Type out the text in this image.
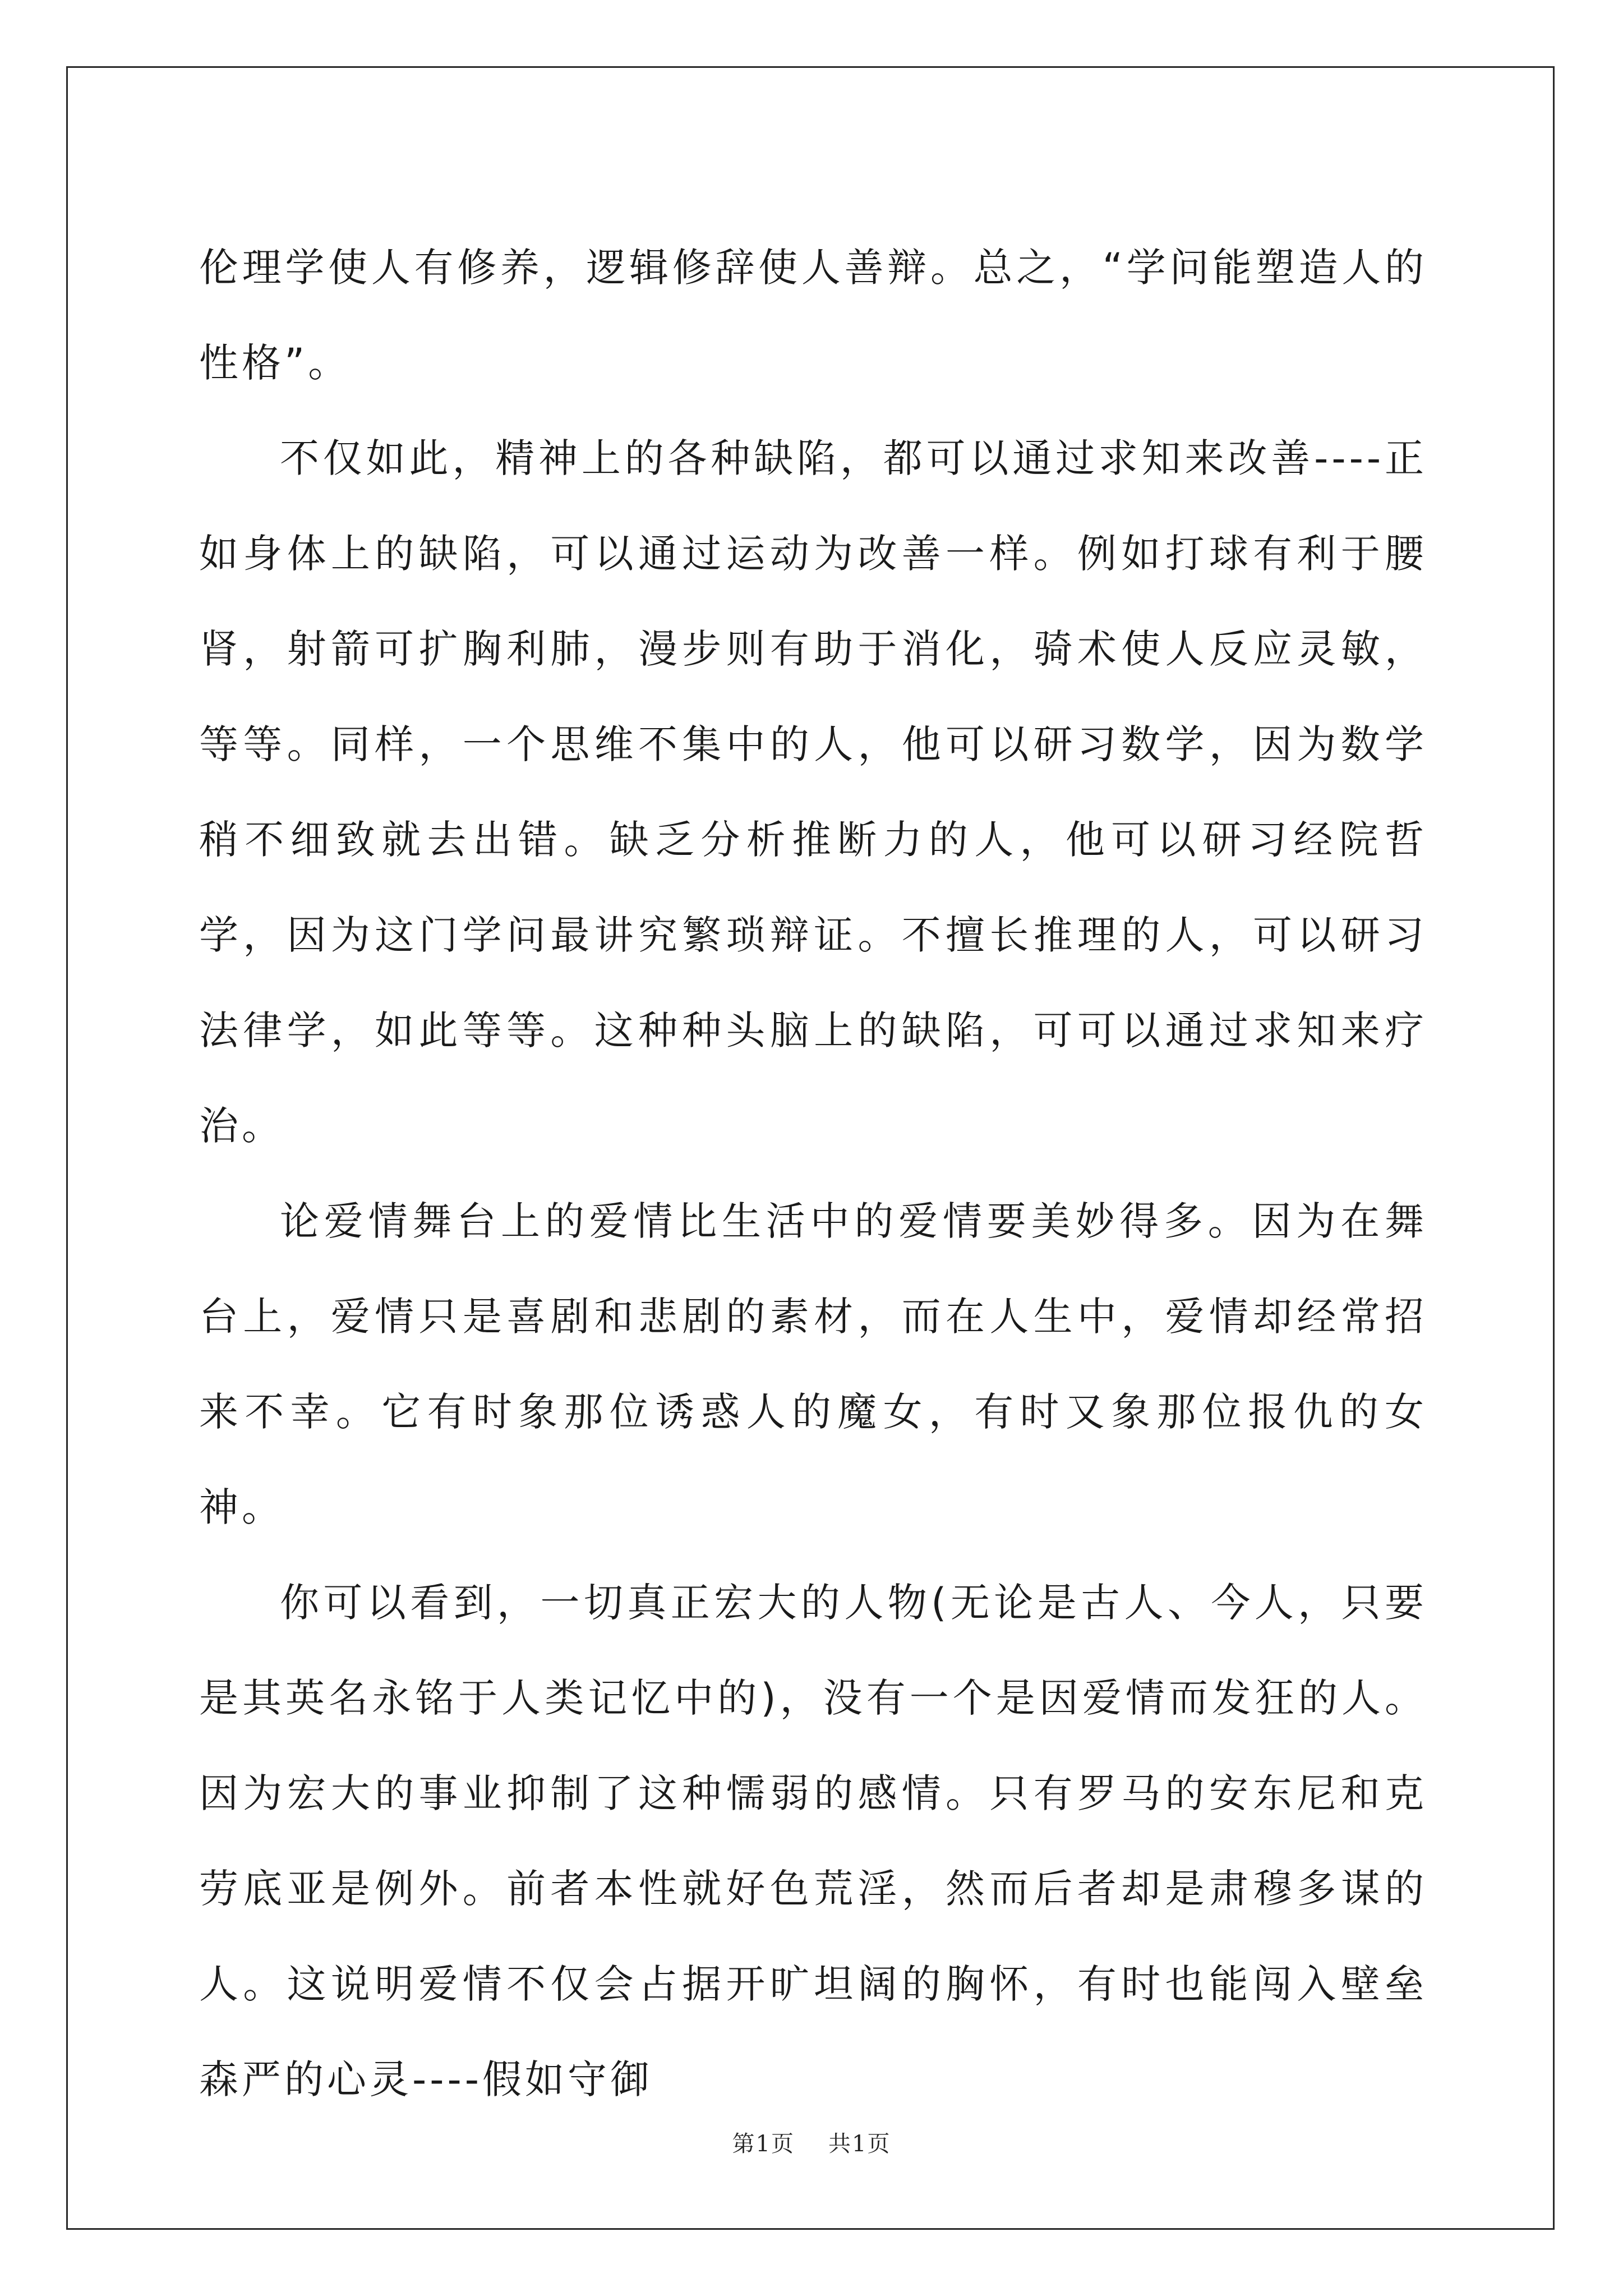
伦理学使人有修养，逻辑修辞使人善辩。总之，“学问能塑造人的性格”。

不仅如此，精神上的各种缺陷，都可以通过求知来改善----正如身体上的缺陷，可以通过运动为改善一样。例如打球有利于腰肾，射箭可扩胸利肺，漫步则有助于消化，骑术使人反应灵敏，等等。同样，一个思维不集中的人，他可以研习数学，因为数学稍不细致就去出错。缺乏分析推断力的人，他可以研习经院哲学，因为这门学问最讲究繁琐辩证。不擅长推理的人，可以研习法律学，如此等等。这种种头脑上的缺陷，可可以通过求知来疗治。

论爱情舞台上的爱情比生活中的爱情要美妙得多。因为在舞台上，爱情只是喜剧和悲剧的素材，而在人生中，爱情却经常招来不幸。它有时象那位诱惑人的魔女，有时又象那位报仇的女神。

你可以看到，一切真正宏大的人物(无论是古人、今人，只要是其英名永铭于人类记忆中的)，没有一个是因爱情而发狂的人。因为宏大的事业抑制了这种懦弱的感情。只有罗马的安东尼和克劳底亚是例外。前者本性就好色荒淫，然而后者却是肃穆多谋的人。这说明爱情不仅会占据开旷坦阔的胸怀，有时也能闯入壁垒森严的心灵----假如守御

第1页 共1页
